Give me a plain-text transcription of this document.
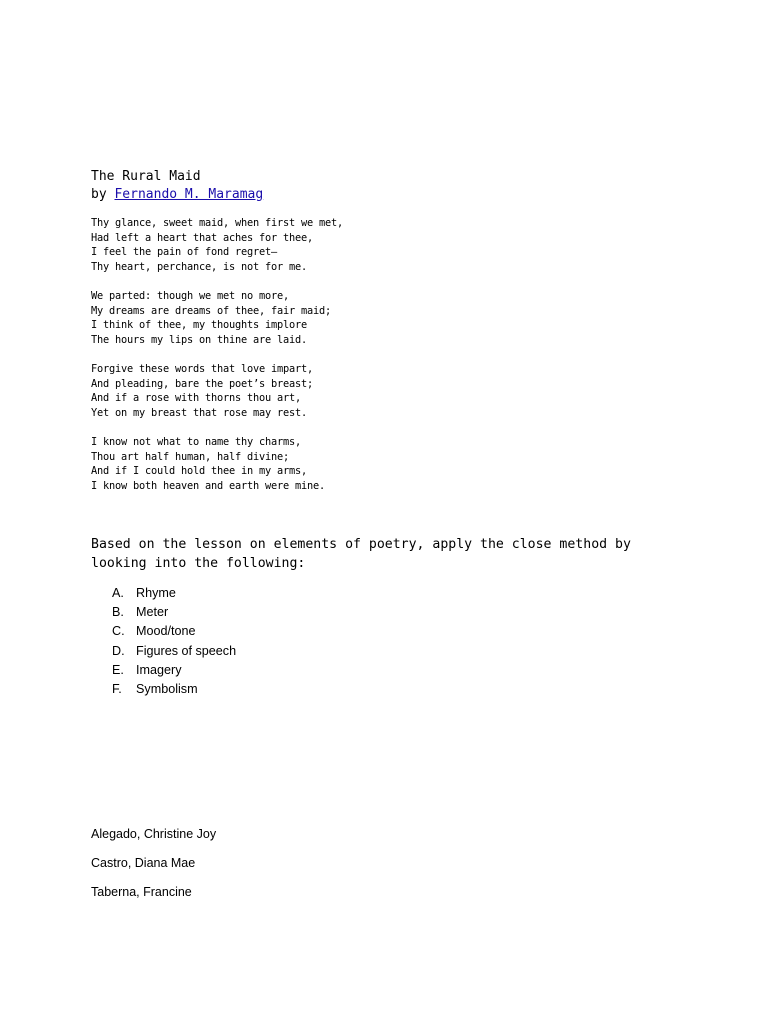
The Rural Maid
by Fernando M. Maramag
Thy glance, sweet maid, when first we met,
Had left a heart that aches for thee,
I feel the pain of fond regret—
Thy heart, perchance, is not for me.
We parted: though we met no more,
My dreams are dreams of thee, fair maid;
I think of thee, my thoughts implore
The hours my lips on thine are laid.
Forgive these words that love impart,
And pleading, bare the poet’s breast;
And if a rose with thorns thou art,
Yet on my breast that rose may rest.
I know not what to name thy charms,
Thou art half human, half divine;
And if I could hold thee in my arms,
I know both heaven and earth were mine.
Based on the lesson on elements of poetry, apply the close method by looking into the following:
A. Rhyme
B. Meter
C. Mood/tone
D. Figures of speech
E. Imagery
F. Symbolism
Alegado, Christine Joy
Castro, Diana Mae
Taberna, Francine
